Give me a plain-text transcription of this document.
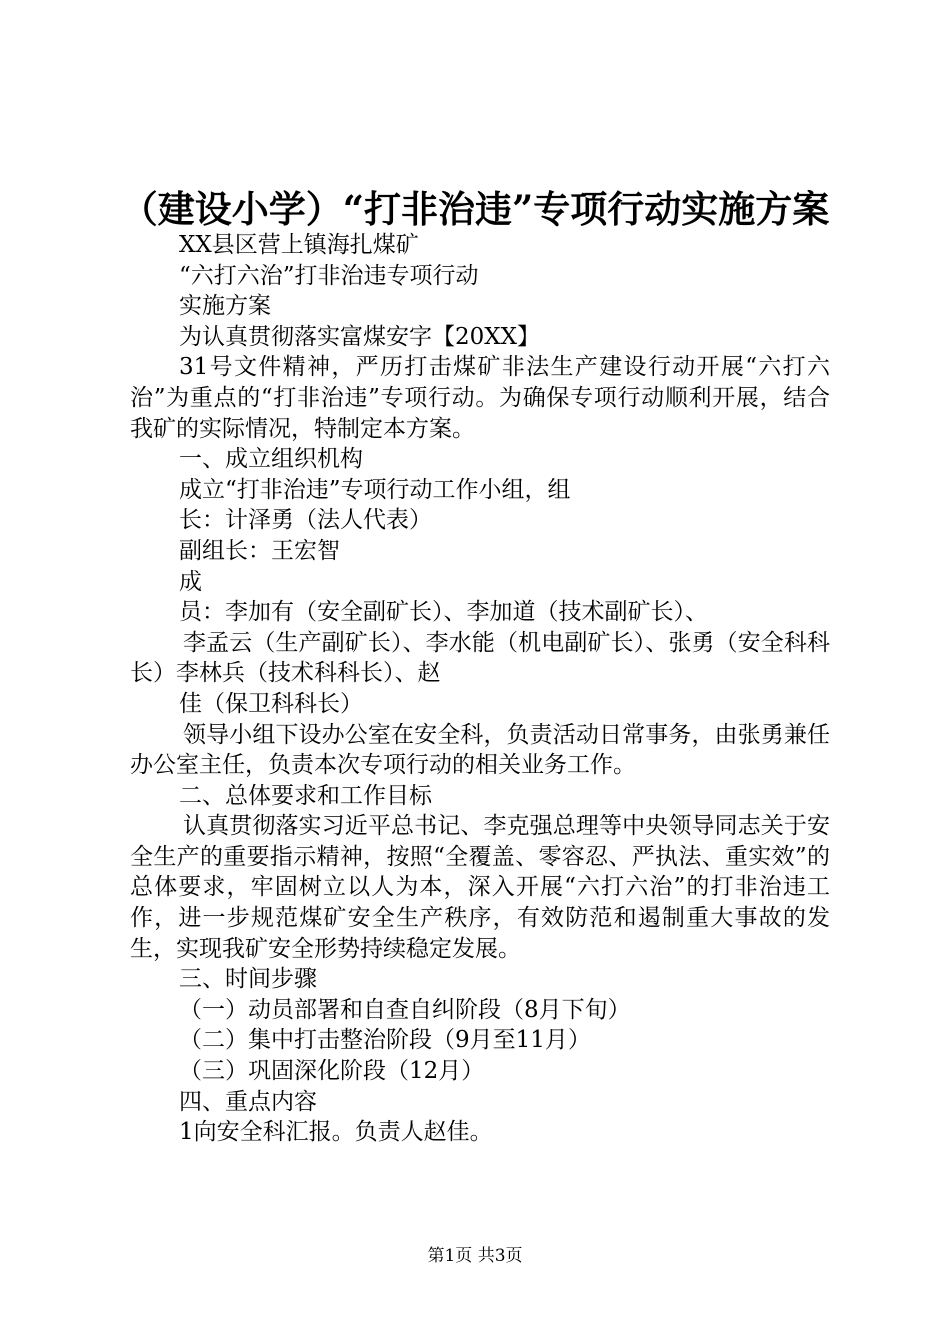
（建设小学）“打非治违”专项行动实施方案

XX县区营上镇海扎煤矿

“六打六治”打非治违专项行动

实施方案

为认真贯彻落实富煤安字【20XX】

31号文件精神，严历打击煤矿非法生产建设行动开展“六打六治”为重点的“打非治违”专项行动。为确保专项行动顺利开展，结合我矿的实际情况，特制定本方案。

一、成立组织机构

成立“打非治违”专项行动工作小组，组

长：计泽勇（法人代表）

副组长：王宏智

成

员：李加有（安全副矿长）、李加道（技术副矿长）、

李孟云（生产副矿长）、李水能（机电副矿长）、张勇（安全科科长）李林兵（技术科科长）、赵

佳（保卫科科长）

领导小组下设办公室在安全科，负责活动日常事务，由张勇兼任办公室主任，负责本次专项行动的相关业务工作。

二、总体要求和工作目标

认真贯彻落实习近平总书记、李克强总理等中央领导同志关于安全生产的重要指示精神，按照“全覆盖、零容忍、严执法、重实效”的总体要求，牢固树立以人为本，深入开展“六打六治”的打非治违工作，进一步规范煤矿安全生产秩序，有效防范和遏制重大事故的发生，实现我矿安全形势持续稳定发展。

三、时间步骤

（一）动员部署和自查自纠阶段（8月下旬）

（二）集中打击整治阶段（9月至11月）

（三）巩固深化阶段（12月）

四、重点内容

1向安全科汇报。负责人赵佳。

第1页 共3页
